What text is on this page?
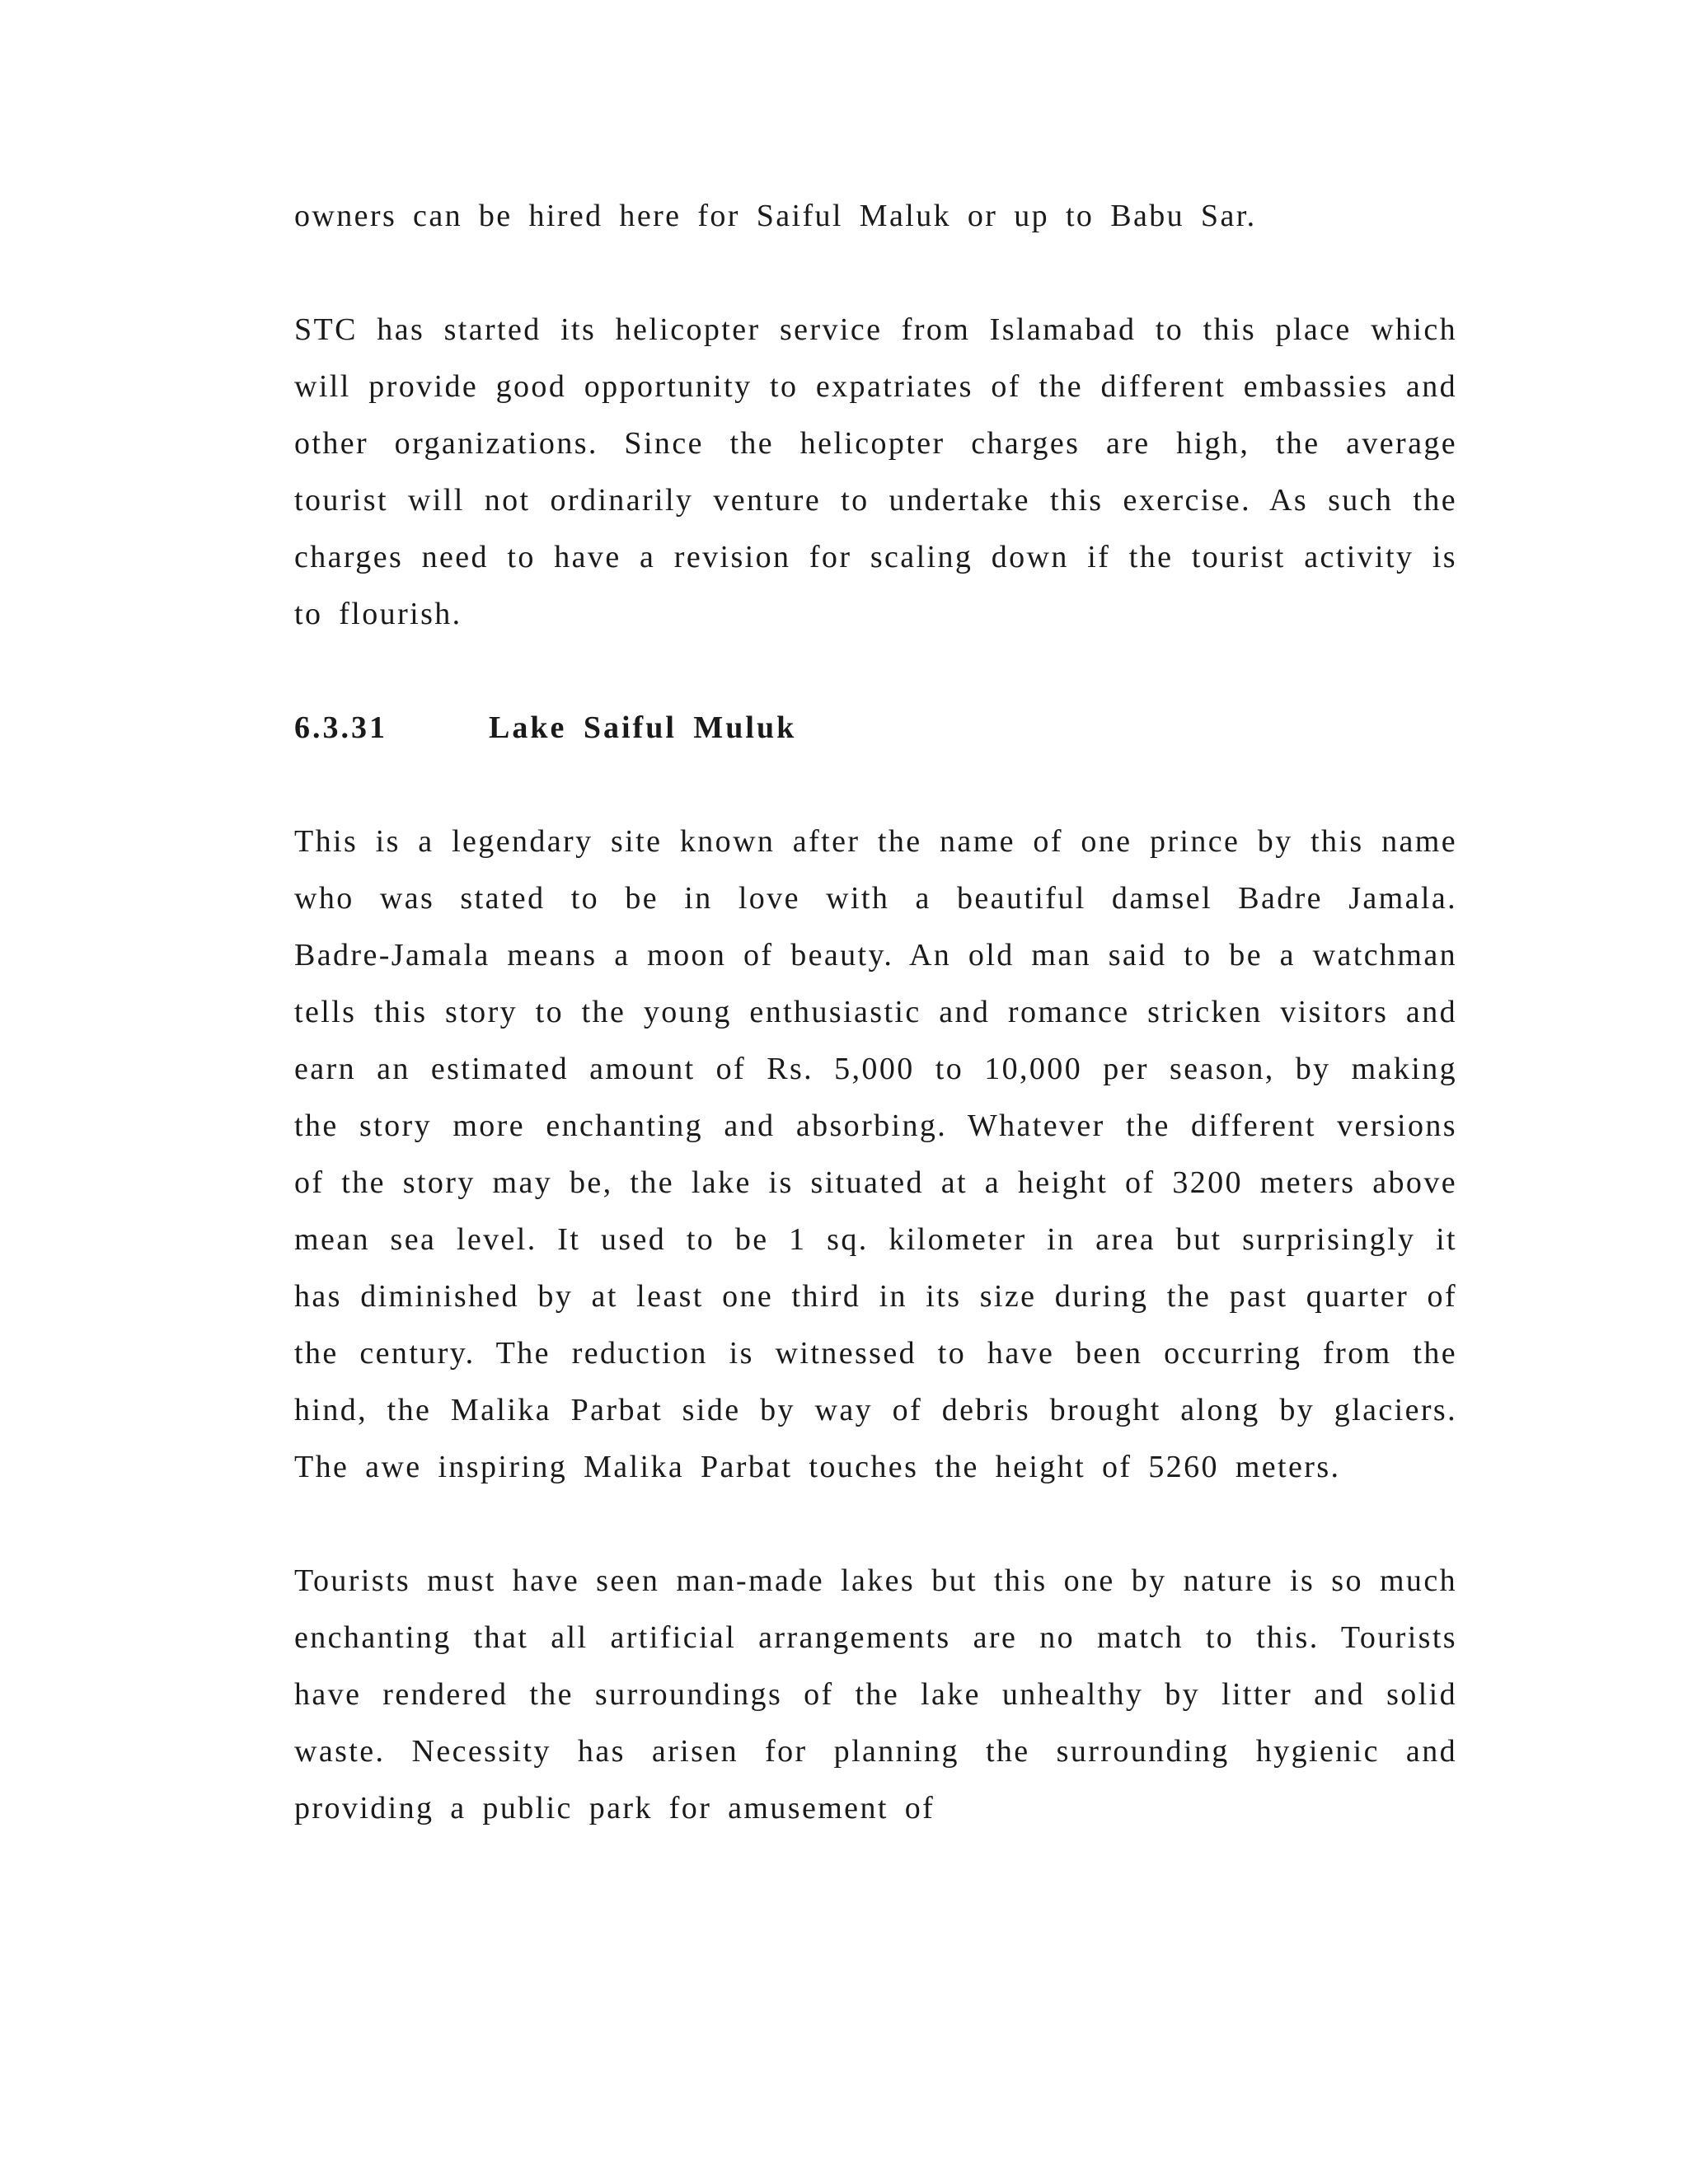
owners can be hired here for Saiful Maluk or up to Babu Sar.

STC has started its helicopter service from Islamabad to this place which will provide good opportunity to expatriates of the different embassies and other organizations. Since the helicopter charges are high, the average tourist will not ordinarily venture to undertake this exercise. As such the charges need to have a revision for scaling down if the tourist activity is to flourish.

6.3.31	Lake Saiful Muluk

This is a legendary site known after the name of one prince by this name who was stated to be in love with a beautiful damsel Badre Jamala. Badre-Jamala means a moon of beauty. An old man said to be a watchman tells this story to the young enthusiastic and romance stricken visitors and earn an estimated amount of Rs. 5,000 to 10,000 per season, by making the story more enchanting and absorbing. Whatever the different versions of the story may be, the lake is situated at a height of 3200 meters above mean sea level. It used to be 1 sq. kilometer in area but surprisingly it has diminished by at least one third in its size during the past quarter of the century. The reduction is witnessed to have been occurring from the hind, the Malika Parbat side by way of debris brought along by glaciers. The awe inspiring Malika Parbat touches the height of 5260 meters.

Tourists must have seen man-made lakes but this one by nature is so much enchanting that all artificial arrangements are no match to this. Tourists have rendered the surroundings of the lake unhealthy by litter and solid waste. Necessity has arisen for planning the surrounding hygienic and providing a public park for amusement of
